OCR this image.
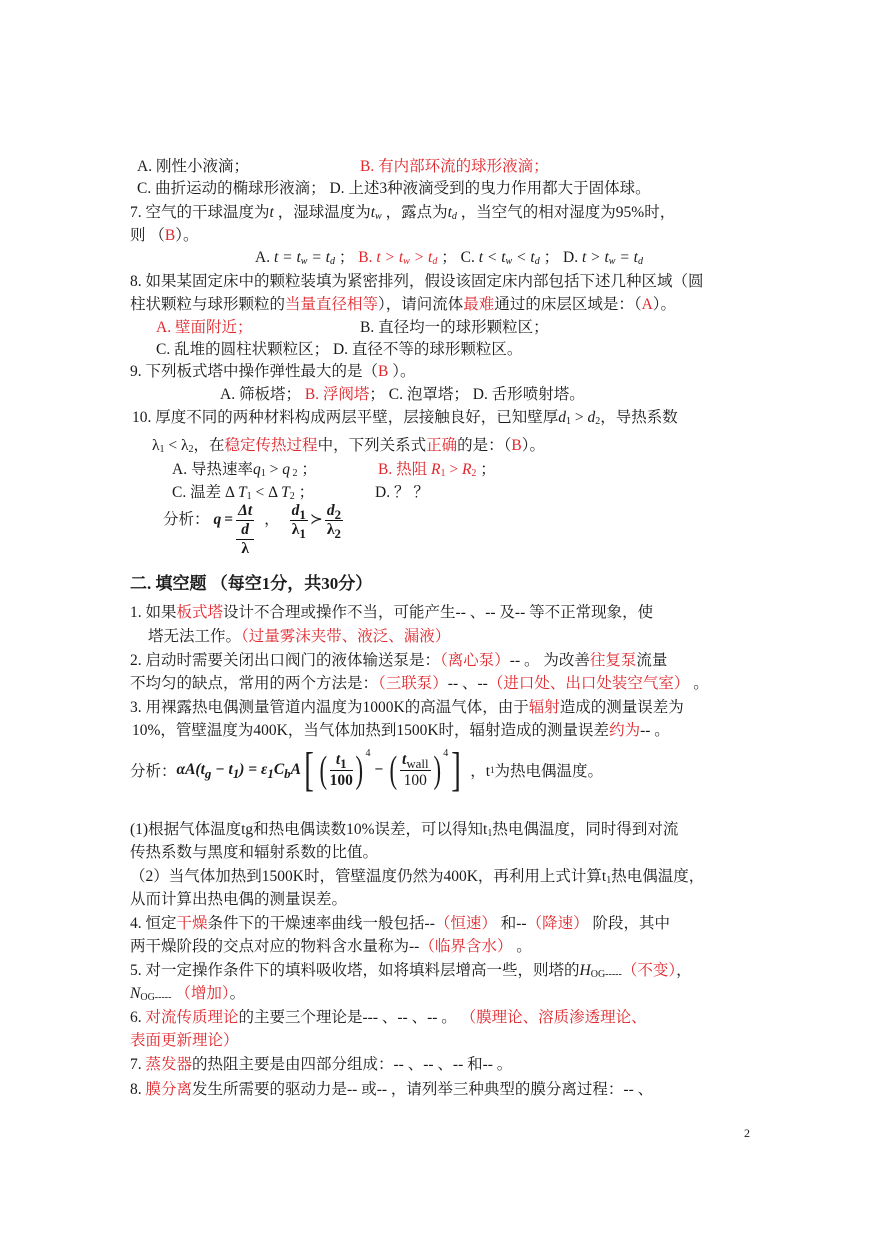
A. 刚性小液滴；	B. 有内部环流的球形液滴；
C. 曲折运动的椭球形液滴； D. 上述3种液滴受到的曳力作用都大于固体球。
7. 空气的干球温度为t ，湿球温度为tw ，露点为td ，当空气的相对湿度为95%时，
则 （B）。
A. t = tw = td ； B. t > tw > td ； C. t < tw < td ； D. t > tw = td
8. 如果某固定床中的颗粒装填为紧密排列，假设该固定床内部包括下述几种区域（圆
柱状颗粒与球形颗粒的当量直径相等），请问流体最难通过的床层区域是：（A）。
A. 壁面附近；	B. 直径均一的球形颗粒区；
C. 乱堆的圆柱状颗粒区； D. 直径不等的球形颗粒区。
9. 下列板式塔中操作弹性最大的是（B ）。
A. 筛板塔； B. 浮阀塔； C. 泡罩塔； D. 舌形喷射塔。
10. 厚度不同的两种材料构成两层平壁，层接触良好，已知壁厚d1 > d2，导热系数
λ1 < λ2，在稳定传热过程中，下列关系式正确的是：（B）。
A. 导热速率q1 > q 2 ；	B. 热阻 R1 > R2 ；
C. 温差 Δ T1 < Δ T2 ；	D. ？ ？
二. 填空题 （每空1分，共30分）
1. 如果板式塔设计不合理或操作不当，可能产生-- 、-- 及-- 等不正常现象，使
塔无法工作。（过量雾沫夹带、液泛、漏液）
2. 启动时需要关闭出口阀门的液体输送泵是：（离心泵）-- 。 为改善往复泵流量
不均匀的缺点，常用的两个方法是：（三联泵）-- 、--（进口处、出口处装空气室） 。
3. 用裸露热电偶测量管道内温度为1000K的高温气体，由于辐射造成的测量误差为
10%，管壁温度为400K，当气体加热到1500K时，辐射造成的测量误差约为-- 。
(1)根据气体温度tg和热电偶读数10%误差，可以得知t1热电偶温度，同时得到对流
传热系数与黑度和辐射系数的比值。
（2）当气体加热到1500K时，管壁温度仍然为400K，再利用上式计算t1热电偶温度，
从而计算出热电偶的测量误差。
4. 恒定干燥条件下的干燥速率曲线一般包括--（恒速） 和--（降速） 阶段，其中
两干燥阶段的交点对应的物料含水量称为--（临界含水） 。
5. 对一定操作条件下的填料吸收塔，如将填料层增高一些，则塔的HOG-----（不变），
NOG----- （增加）。
6. 对流传质理论的主要三个理论是--- 、-- 、-- 。 （膜理论、溶质渗透理论、
表面更新理论）
7. 蒸发器的热阻主要是由四部分组成：-- 、-- 、-- 和-- 。
8. 膜分离发生所需要的驱动力是-- 或-- ，请列举三种典型的膜分离过程：-- 、
分析： q = Δt
d
λ ， $\frac{d_1}{\lambda_1}$ ≻ $\frac{d_2}{\lambda_2}$
分析： $\alpha A(t_g - t_1) = \varepsilon_1C_bA$ [ ( $\frac{t_1}{100}$ ) 4
− ( $\frac{t_{wall}}{100}$ ) 4 ] ，t 1 为热电偶温度。
2
